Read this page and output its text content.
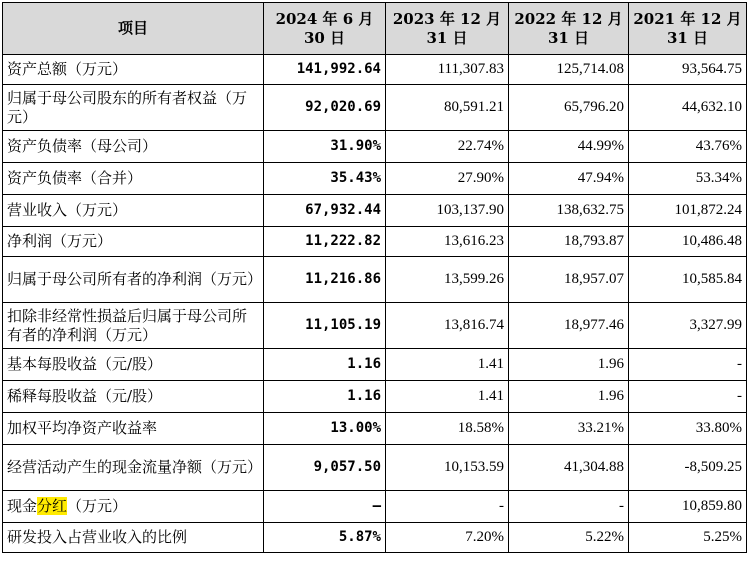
项目	2024 年 6 月 30 日	2023 年 12 月 31 日	2022 年 12 月 31 日	2021 年 12 月 31 日
资产总额（万元）	141,992.64	111,307.83	125,714.08	93,564.75
归属于母公司股东的所有者权益（万元）	92,020.69	80,591.21	65,796.20	44,632.10
资产负债率（母公司）	31.90%	22.74%	44.99%	43.76%
资产负债率（合并）	35.43%	27.90%	47.94%	53.34%
营业收入（万元）	67,932.44	103,137.90	138,632.75	101,872.24
净利润（万元）	11,222.82	13,616.23	18,793.87	10,486.48
归属于母公司所有者的净利润（万元）	11,216.86	13,599.26	18,957.07	10,585.84
扣除非经常性损益后归属于母公司所有者的净利润（万元）	11,105.19	13,816.74	18,977.46	3,327.99
基本每股收益（元/股）	1.16	1.41	1.96	-
稀释每股收益（元/股）	1.16	1.41	1.96	-
加权平均净资产收益率	13.00%	18.58%	33.21%	33.80%
经营活动产生的现金流量净额（万元）	9,057.50	10,153.59	41,304.88	-8,509.25
现金分红（万元）	–	-	-	10,859.80
研发投入占营业收入的比例	5.87%	7.20%	5.22%	5.25%
